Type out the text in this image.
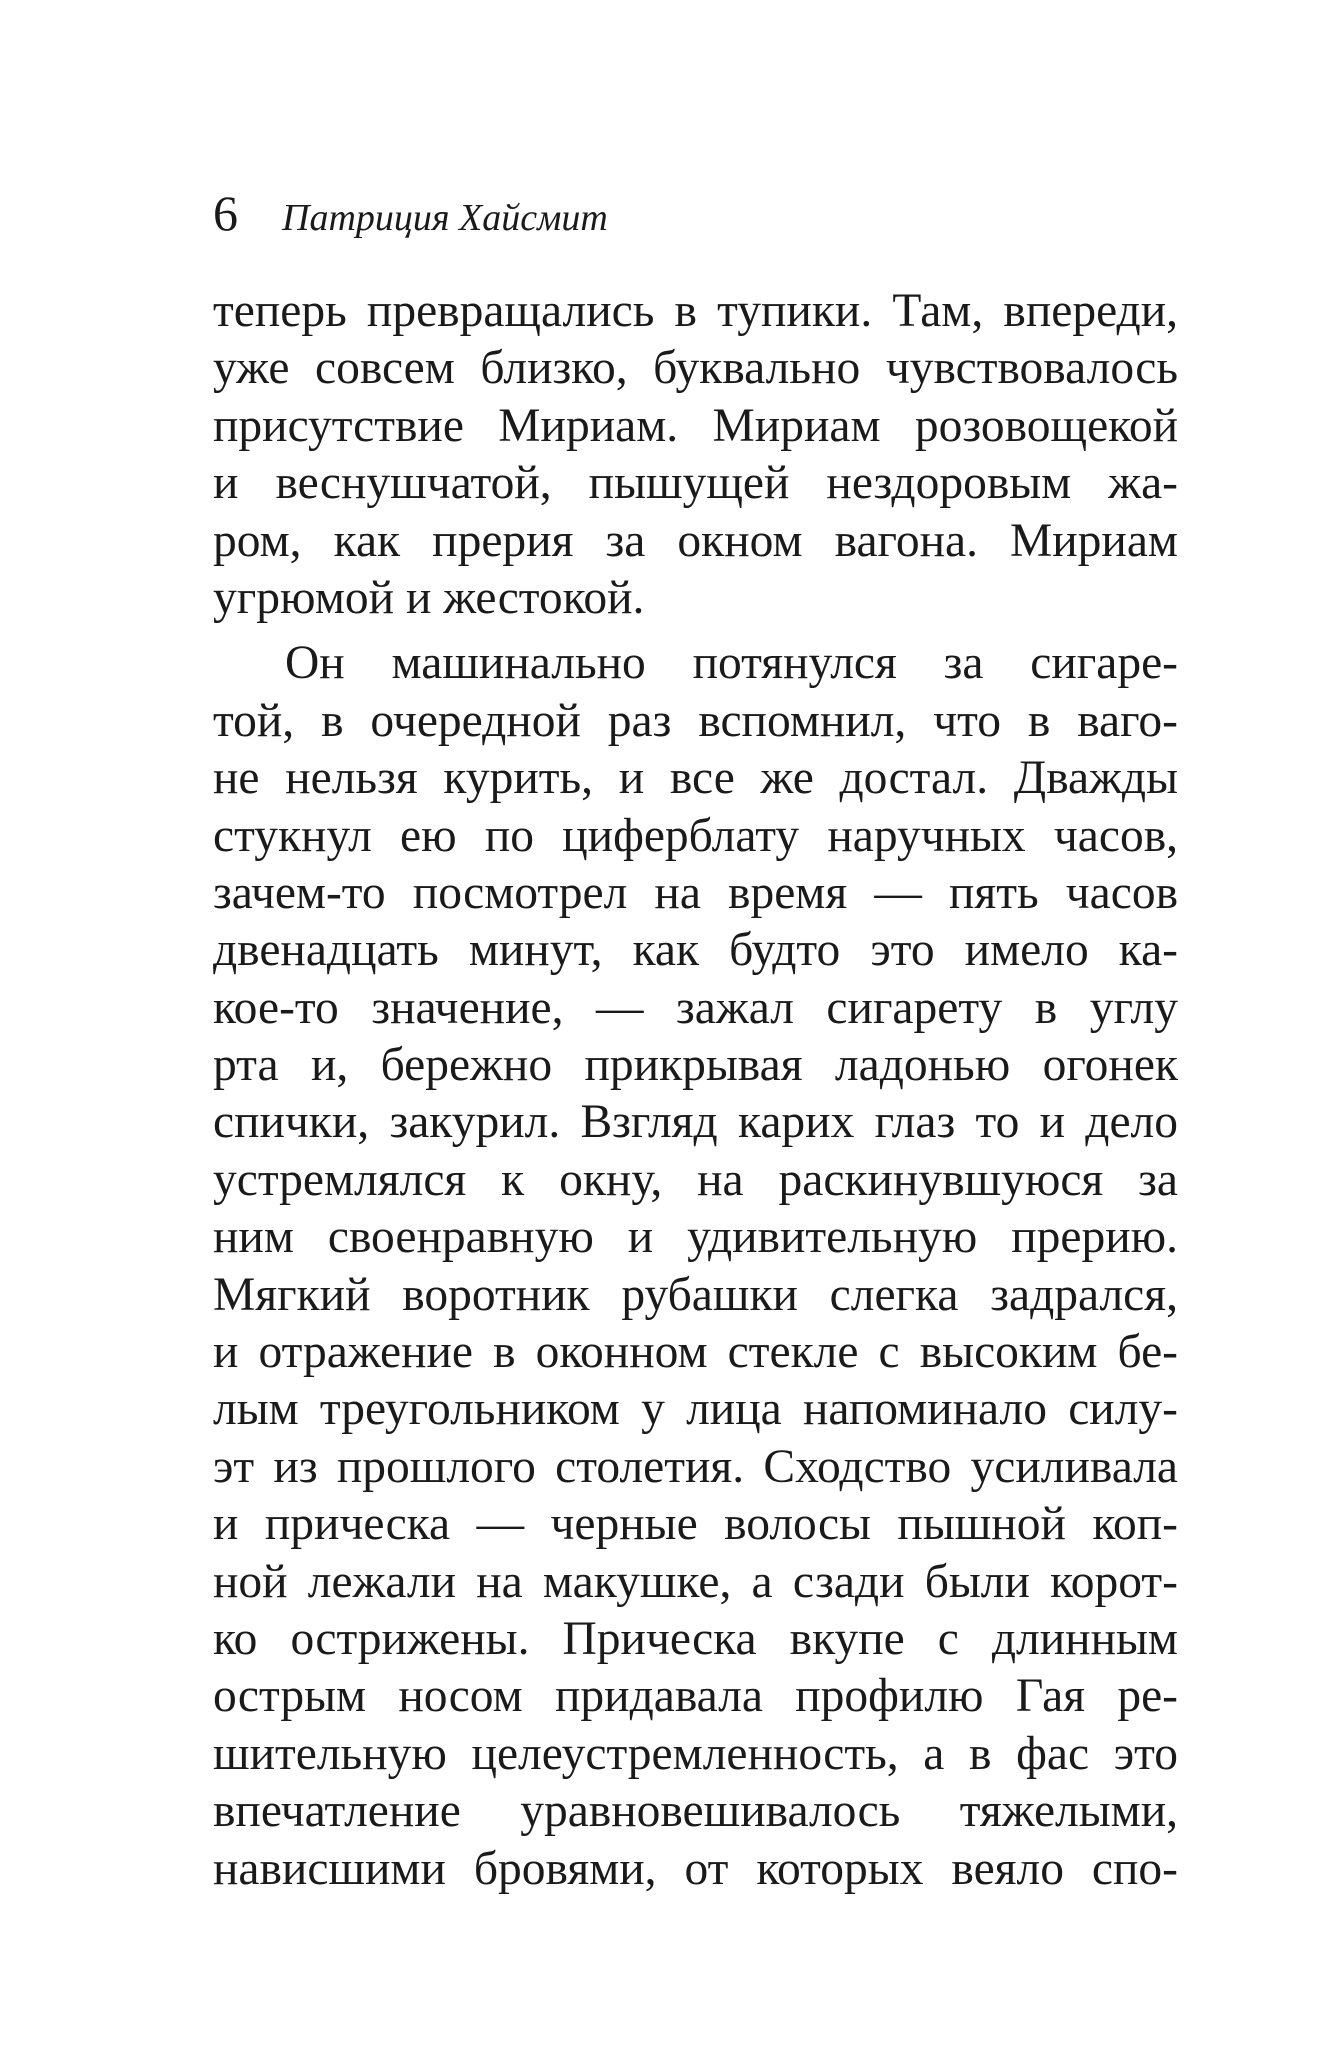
6 Патриция Хайсмит
теперь превращались в тупики. Там, впереди,
уже совсем близко, буквально чувствовалось
присутствие Мириам. Мириам розовощекой
и веснушчатой, пышущей нездоровым жа-
ром, как прерия за окном вагона. Мириам
угрюмой и жестокой.
Он машинально потянулся за сигаре-
той, в очередной раз вспомнил, что в ваго-
не нельзя курить, и все же достал. Дважды
стукнул ею по циферблату наручных часов,
зачем-то посмотрел на время — пять часов
двенадцать минут, как будто это имело ка-
кое-то значение, — зажал сигарету в углу
рта и, бережно прикрывая ладонью огонек
спички, закурил. Взгляд карих глаз то и дело
устремлялся к окну, на раскинувшуюся за
ним своенравную и удивительную прерию.
Мягкий воротник рубашки слегка задрался,
и отражение в оконном стекле с высоким бе-
лым треугольником у лица напоминало силу-
эт из прошлого столетия. Сходство усиливала
и прическа — черные волосы пышной коп-
ной лежали на макушке, а сзади были корот-
ко острижены. Прическа вкупе с длинным
острым носом придавала профилю Гая ре-
шительную целеустремленность, а в фас это
впечатление уравновешивалось тяжелыми,
нависшими бровями, от которых веяло спо-
